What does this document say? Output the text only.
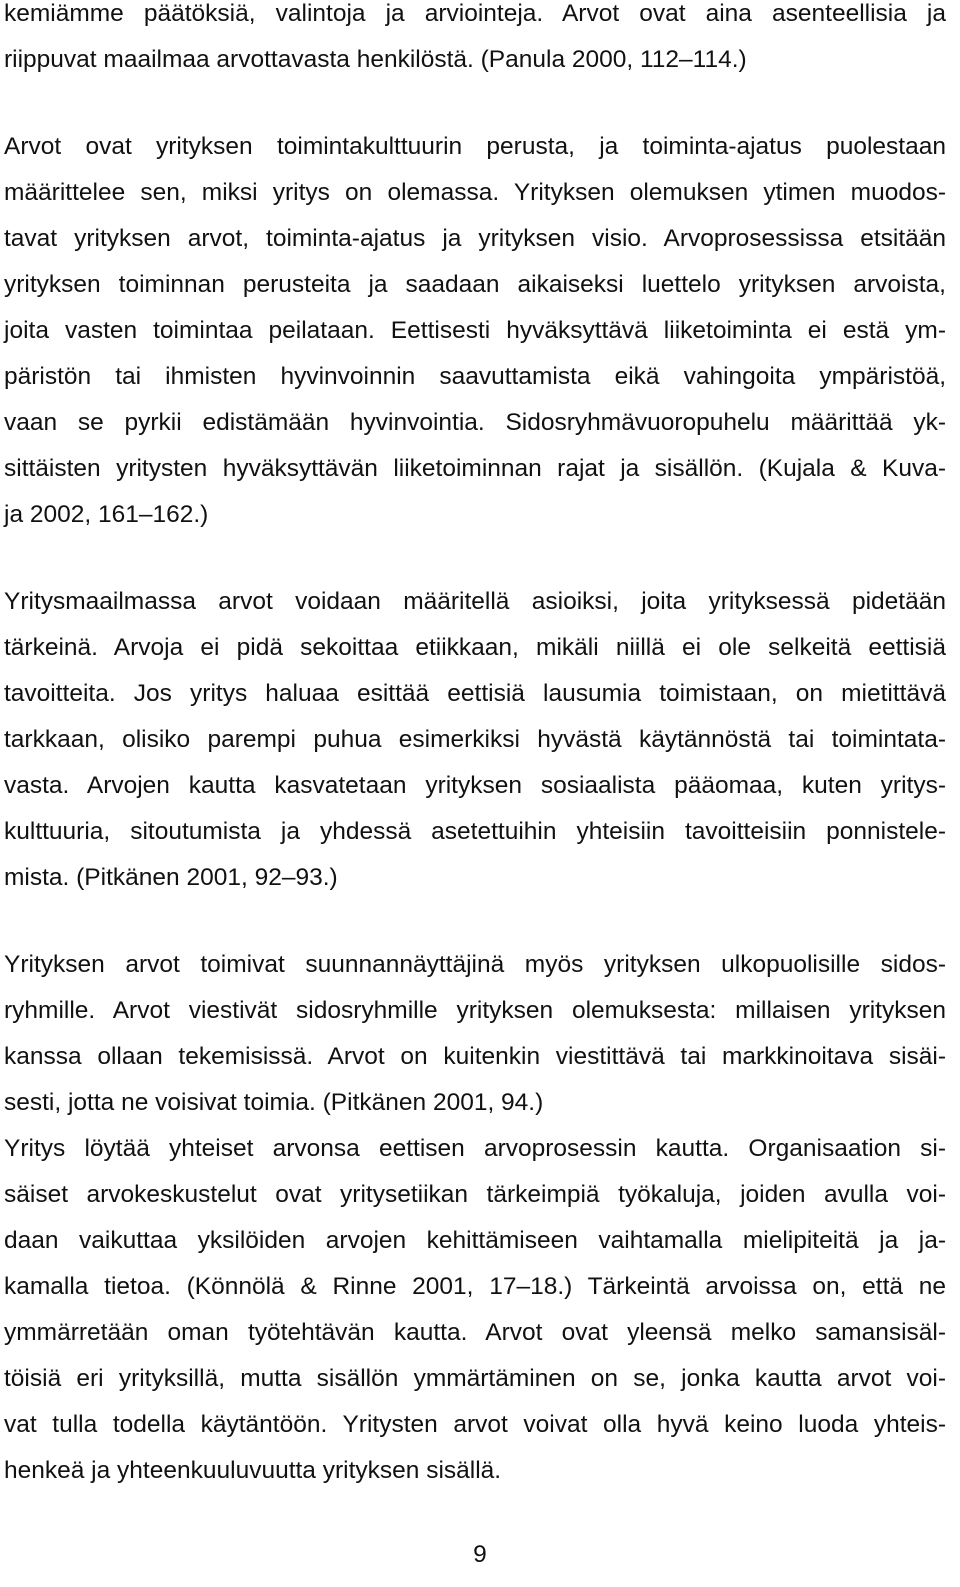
kemiämme päätöksiä, valintoja ja arviointeja. Arvot ovat aina asenteellisia ja
riippuvat maailmaa arvottavasta henkilöstä. (Panula 2000, 112–114.)
Arvot ovat yrityksen toimintakulttuurin perusta, ja toiminta-ajatus puolestaan
määrittelee sen, miksi yritys on olemassa. Yrityksen olemuksen ytimen muodos-
tavat yrityksen arvot, toiminta-ajatus ja yrityksen visio. Arvoprosessissa etsitään
yrityksen toiminnan perusteita ja saadaan aikaiseksi luettelo yrityksen arvoista,
joita vasten toimintaa peilataan. Eettisesti hyväksyttävä liiketoiminta ei estä ym-
päristön tai ihmisten hyvinvoinnin saavuttamista eikä vahingoita ympäristöä,
vaan se pyrkii edistämään hyvinvointia. Sidosryhmävuoropuhelu määrittää yk-
sittäisten yritysten hyväksyttävän liiketoiminnan rajat ja sisällön. (Kujala & Kuva-
ja 2002, 161–162.)
Yritysmaailmassa arvot voidaan määritellä asioiksi, joita yrityksessä pidetään
tärkeinä. Arvoja ei pidä sekoittaa etiikkaan, mikäli niillä ei ole selkeitä eettisiä
tavoitteita. Jos yritys haluaa esittää eettisiä lausumia toimistaan, on mietittävä
tarkkaan, olisiko parempi puhua esimerkiksi hyvästä käytännöstä tai toimintata-
vasta. Arvojen kautta kasvatetaan yrityksen sosiaalista pääomaa, kuten yritys-
kulttuuria, sitoutumista ja yhdessä asetettuihin yhteisiin tavoitteisiin ponnistele-
mista. (Pitkänen 2001, 92–93.)
Yrityksen arvot toimivat suunnannäyttäjinä myös yrityksen ulkopuolisille sidos-
ryhmille. Arvot viestivät sidosryhmille yrityksen olemuksesta: millaisen yrityksen
kanssa ollaan tekemisissä. Arvot on kuitenkin viestittävä tai markkinoitava sisäi-
sesti, jotta ne voisivat toimia. (Pitkänen 2001, 94.)
Yritys löytää yhteiset arvonsa eettisen arvoprosessin kautta. Organisaation si-
säiset arvokeskustelut ovat yritysetiikan tärkeimpiä työkaluja, joiden avulla voi-
daan vaikuttaa yksilöiden arvojen kehittämiseen vaihtamalla mielipiteitä ja ja-
kamalla tietoa. (Könnölä & Rinne 2001, 17–18.) Tärkeintä arvoissa on, että ne
ymmärretään oman työtehtävän kautta. Arvot ovat yleensä melko samansisäl-
töisiä eri yrityksillä, mutta sisällön ymmärtäminen on se, jonka kautta arvot voi-
vat tulla todella käytäntöön. Yritysten arvot voivat olla hyvä keino luoda yhteis-
henkeä ja yhteenkuuluvuutta yrityksen sisällä.
9
